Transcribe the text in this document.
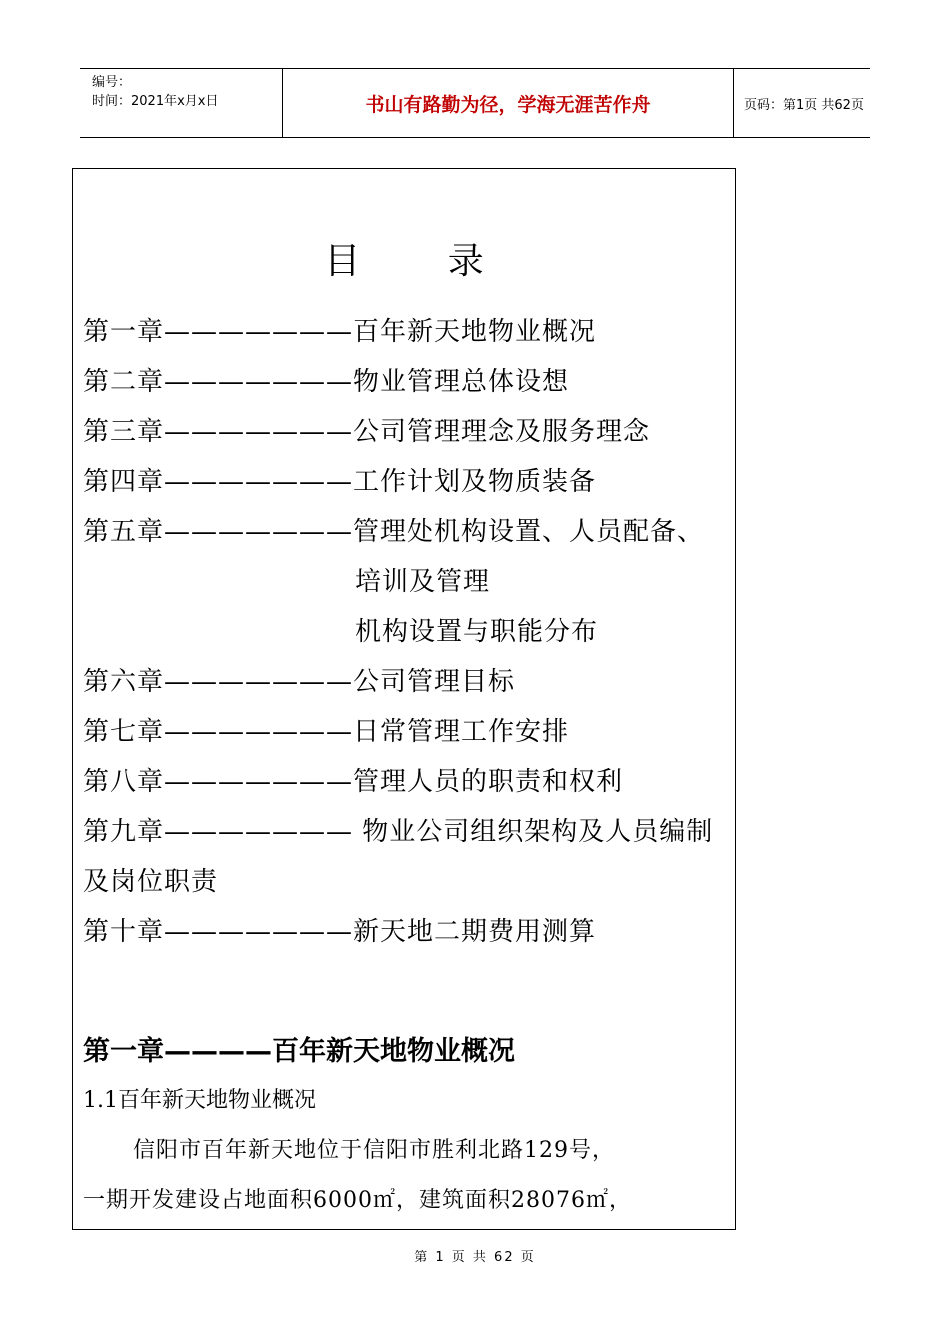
编号：
时间：2021年x月x日	书山有路勤为径，学海无涯苦作舟	页码：第1页 共62页
目 录
第一章———————百年新天地物业概况
第二章———————物业管理总体设想
第三章———————公司管理理念及服务理念
第四章———————工作计划及物质装备
第五章———————管理处机构设置、人员配备、
培训及管理
机构设置与职能分布
第六章———————公司管理目标
第七章———————日常管理工作安排
第八章———————管理人员的职责和权利
第九章——————— 物业公司组织架构及人员编制
及岗位职责
第十章———————新天地二期费用测算
第一章————百年新天地物业概况
1.1百年新天地物业概况
信阳市百年新天地位于信阳市胜利北路129号，
一期开发建设占地面积6000㎡，建筑面积28076㎡，
第 1 页 共 62 页
